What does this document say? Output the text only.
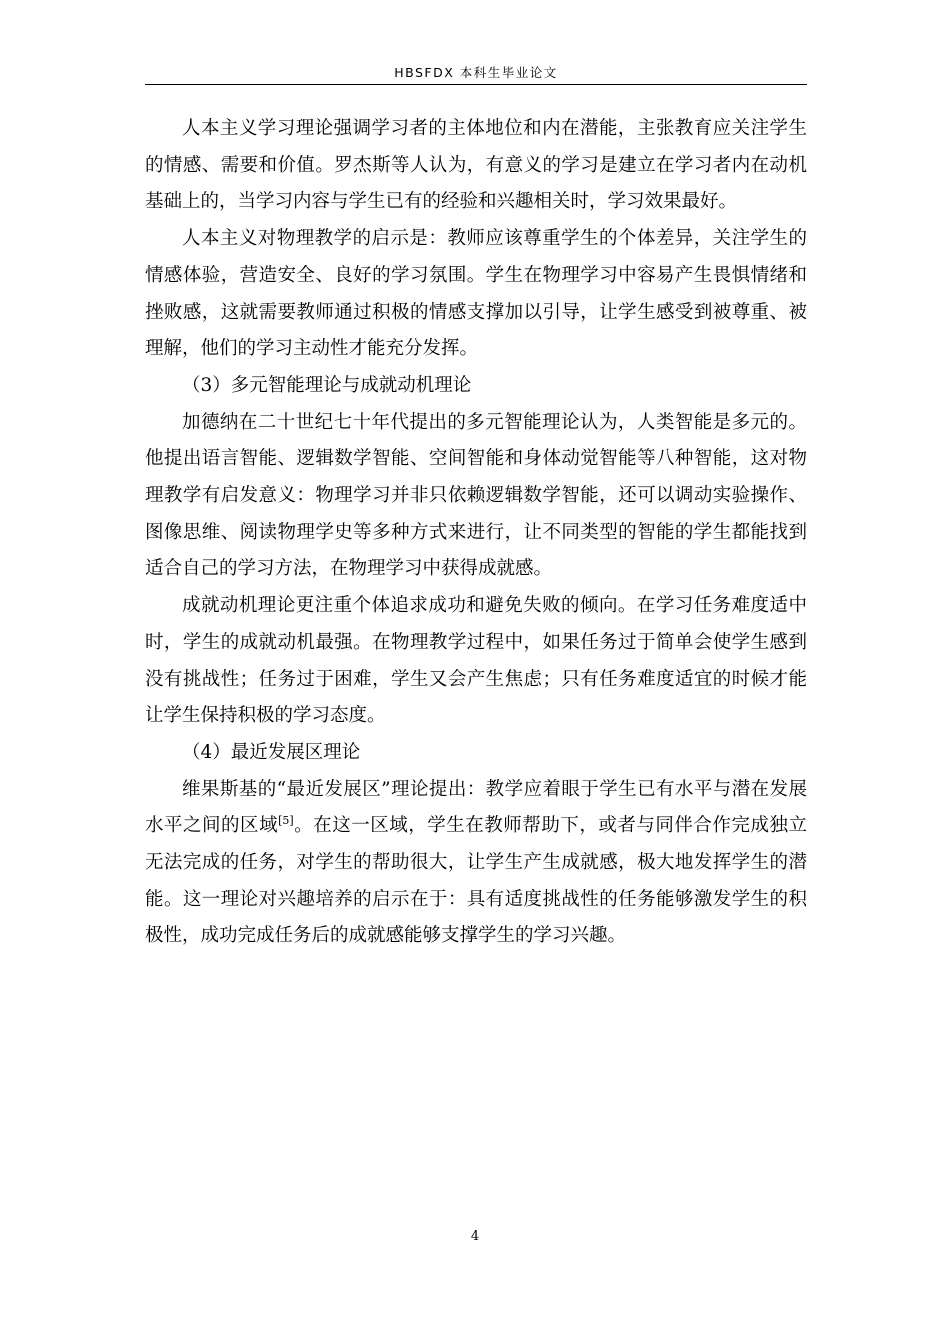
HBSFDX 本科生毕业论文

人本主义学习理论强调学习者的主体地位和内在潜能，主张教育应关注学生的情感、需要和价值。罗杰斯等人认为，有意义的学习是建立在学习者内在动机基础上的，当学习内容与学生已有的经验和兴趣相关时，学习效果最好。

人本主义对物理教学的启示是：教师应该尊重学生的个体差异，关注学生的情感体验，营造安全、良好的学习氛围。学生在物理学习中容易产生畏惧情绪和挫败感，这就需要教师通过积极的情感支撑加以引导，让学生感受到被尊重、被理解，他们的学习主动性才能充分发挥。

（3）多元智能理论与成就动机理论

加德纳在二十世纪七十年代提出的多元智能理论认为，人类智能是多元的。他提出语言智能、逻辑数学智能、空间智能和身体动觉智能等八种智能，这对物理教学有启发意义：物理学习并非只依赖逻辑数学智能，还可以调动实验操作、图像思维、阅读物理学史等多种方式来进行，让不同类型的智能的学生都能找到适合自己的学习方法，在物理学习中获得成就感。

成就动机理论更注重个体追求成功和避免失败的倾向。在学习任务难度适中时，学生的成就动机最强。在物理教学过程中，如果任务过于简单会使学生感到没有挑战性；任务过于困难，学生又会产生焦虑；只有任务难度适宜的时候才能让学生保持积极的学习态度。

（4）最近发展区理论

维果斯基的“最近发展区”理论提出：教学应着眼于学生已有水平与潜在发展水平之间的区域[5]。在这一区域，学生在教师帮助下，或者与同伴合作完成独立无法完成的任务，对学生的帮助很大，让学生产生成就感，极大地发挥学生的潜能。这一理论对兴趣培养的启示在于：具有适度挑战性的任务能够激发学生的积极性，成功完成任务后的成就感能够支撑学生的学习兴趣。

4
